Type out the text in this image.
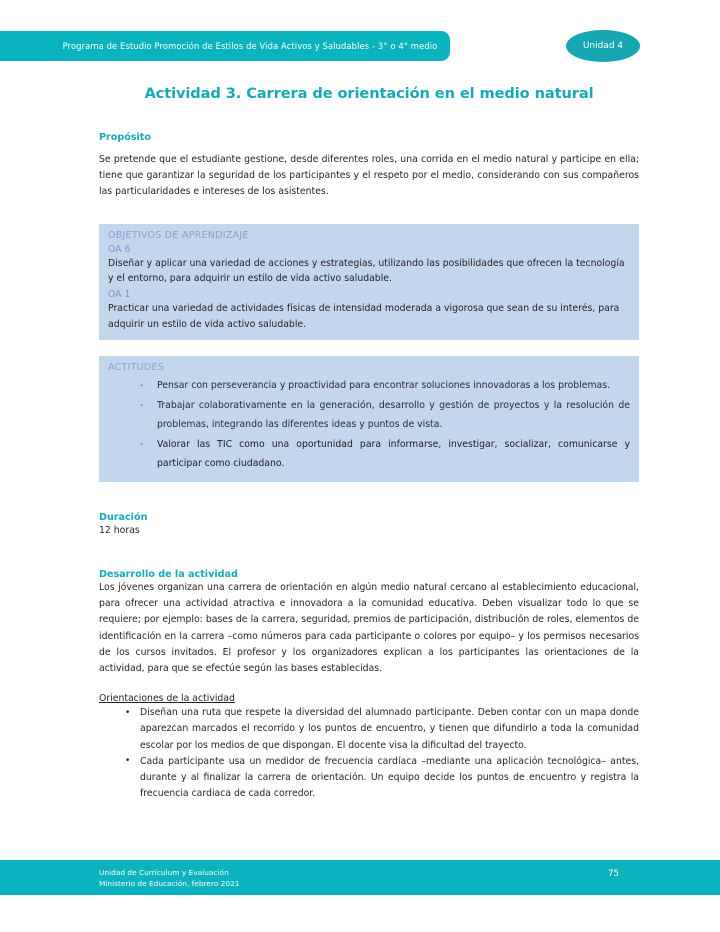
Programa de Estudio Promoción de Estilos de Vida Activos y Saludables - 3° o 4° medio	Unidad 4
Actividad 3. Carrera de orientación en el medio natural
Propósito

Se pretende que el estudiante gestione, desde diferentes roles, una corrida en el medio natural y participe en ella; tiene que garantizar la seguridad de los participantes y el respeto por el medio, considerando con sus compañeros las particularidades e intereses de los asistentes.

OBJETIVOS DE APRENDIZAJE

OA 6

Diseñar y aplicar una variedad de acciones y estrategias, utilizando las posibilidades que ofrecen la tecnología y el entorno, para adquirir un estilo de vida activo saludable.

OA 1

Practicar una variedad de actividades físicas de intensidad moderada a vigorosa que sean de su interés, para adquirir un estilo de vida activo saludable.

ACTITUDES

- Pensar con perseverancia y proactividad para encontrar soluciones innovadoras a los problemas.
- Trabajar colaborativamente en la generación, desarrollo y gestión de proyectos y la resolución de problemas, integrando las diferentes ideas y puntos de vista.
- Valorar las TIC como una oportunidad para informarse, investigar, socializar, comunicarse y participar como ciudadano.
Duración

12 horas

Desarrollo de la actividad

Los jóvenes organizan una carrera de orientación en algún medio natural cercano al establecimiento educacional, para ofrecer una actividad atractiva e innovadora a la comunidad educativa. Deben visualizar todo lo que se requiere; por ejemplo: bases de la carrera, seguridad, premios de participación, distribución de roles, elementos de identificación en la carrera –como números para cada participante o colores por equipo– y los permisos necesarios de los cursos invitados. El profesor y los organizadores explican a los participantes las orientaciones de la actividad, para que se efectúe según las bases establecidas.

Orientaciones de la actividad

• Diseñan una ruta que respete la diversidad del alumnado participante. Deben contar con un mapa donde aparezcan marcados el recorrido y los puntos de encuentro, y tienen que difundirlo a toda la comunidad escolar por los medios de que dispongan. El docente visa la dificultad del trayecto.
• Cada participante usa un medidor de frecuencia cardíaca –mediante una aplicación tecnológica– antes, durante y al finalizar la carrera de orientación. Un equipo decide los puntos de encuentro y registra la frecuencia cardiaca de cada corredor.
Unidad de Currículum y Evaluación
Ministerio de Educación, febrero 2021
75
